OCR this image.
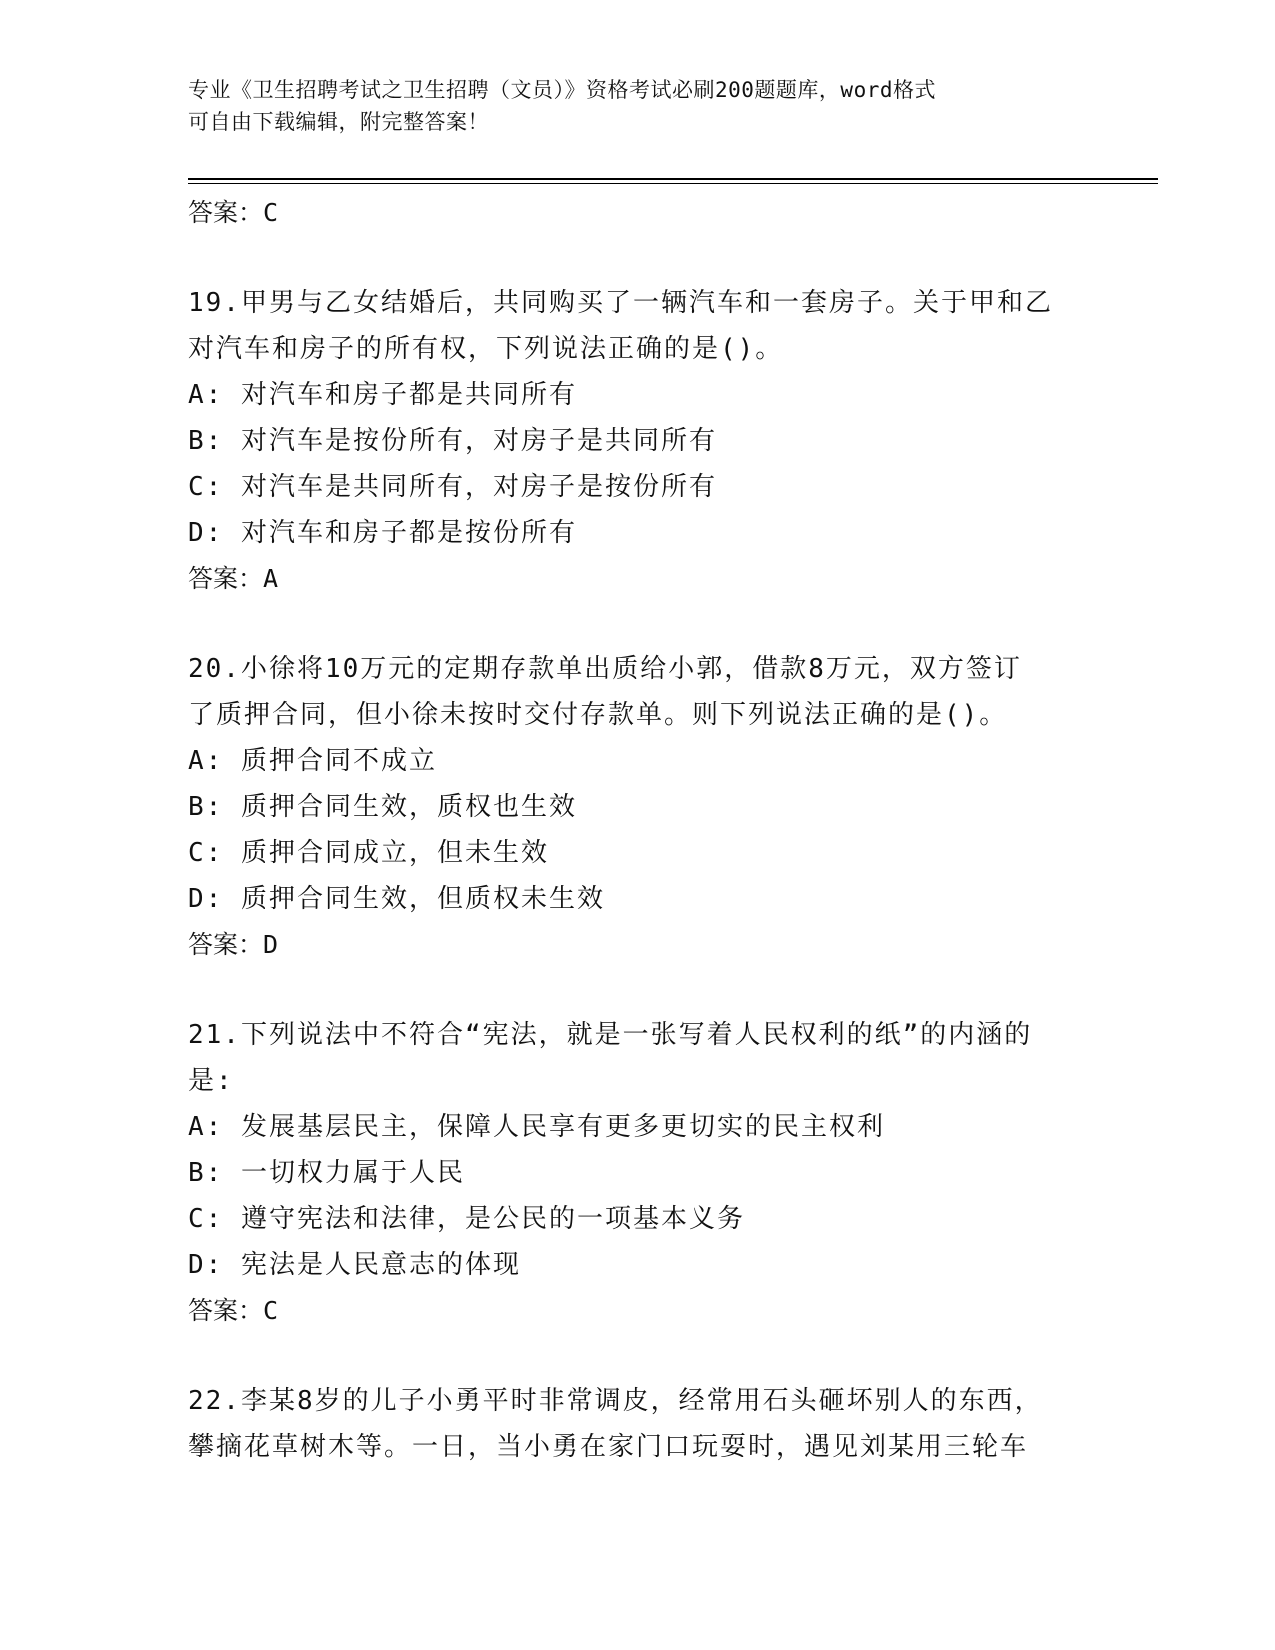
专业《卫生招聘考试之卫生招聘（文员）》资格考试必刷200题题库，word格式
可自由下载编辑，附完整答案！
答案：C
19.甲男与乙女结婚后，共同购买了一辆汽车和一套房子。关于甲和乙
对汽车和房子的所有权，下列说法正确的是()。
A: 对汽车和房子都是共同所有
B: 对汽车是按份所有，对房子是共同所有
C: 对汽车是共同所有，对房子是按份所有
D: 对汽车和房子都是按份所有
答案：A
20.小徐将10万元的定期存款单出质给小郭，借款8万元，双方签订
了质押合同，但小徐未按时交付存款单。则下列说法正确的是()。
A: 质押合同不成立
B: 质押合同生效，质权也生效
C: 质押合同成立，但未生效
D: 质押合同生效，但质权未生效
答案：D
21.下列说法中不符合“宪法，就是一张写着人民权利的纸”的内涵的
是:
A: 发展基层民主，保障人民享有更多更切实的民主权利
B: 一切权力属于人民
C: 遵守宪法和法律，是公民的一项基本义务
D: 宪法是人民意志的体现
答案：C
22.李某8岁的儿子小勇平时非常调皮，经常用石头砸坏别人的东西，
攀摘花草树木等。一日，当小勇在家门口玩耍时，遇见刘某用三轮车
